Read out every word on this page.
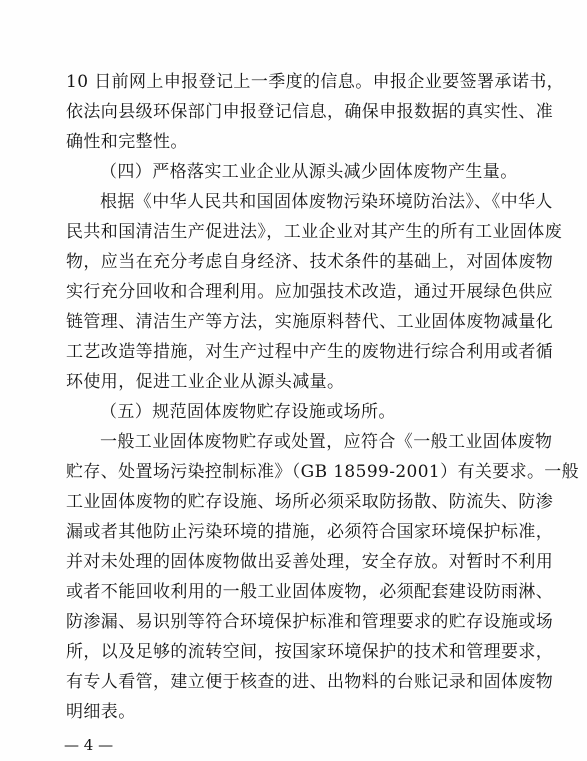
10 日前网上申报登记上一季度的信息。申报企业要签署承诺书，

依法向县级环保部门申报登记信息，确保申报数据的真实性、准

确性和完整性。

（四）严格落实工业企业从源头减少固体废物产生量。

根据《中华人民共和国固体废物污染环境防治法》、《中华人

民共和国清洁生产促进法》，工业企业对其产生的所有工业固体废

物，应当在充分考虑自身经济、技术条件的基础上，对固体废物

实行充分回收和合理利用。应加强技术改造，通过开展绿色供应

链管理、清洁生产等方法，实施原料替代、工业固体废物减量化

工艺改造等措施，对生产过程中产生的废物进行综合利用或者循

环使用，促进工业企业从源头减量。

（五）规范固体废物贮存设施或场所。

一般工业固体废物贮存或处置，应符合《一般工业固体废物

贮存、处置场污染控制标准》（GB 18599-2001）有关要求。一般

工业固体废物的贮存设施、场所必须采取防扬散、防流失、防渗

漏或者其他防止污染环境的措施，必须符合国家环境保护标准，

并对未处理的固体废物做出妥善处理，安全存放。对暂时不利用

或者不能回收利用的一般工业固体废物，必须配套建设防雨淋、

防渗漏、易识别等符合环境保护标准和管理要求的贮存设施或场

所，以及足够的流转空间，按国家环境保护的技术和管理要求，

有专人看管，建立便于核查的进、出物料的台账记录和固体废物

明细表。

— 4 —
